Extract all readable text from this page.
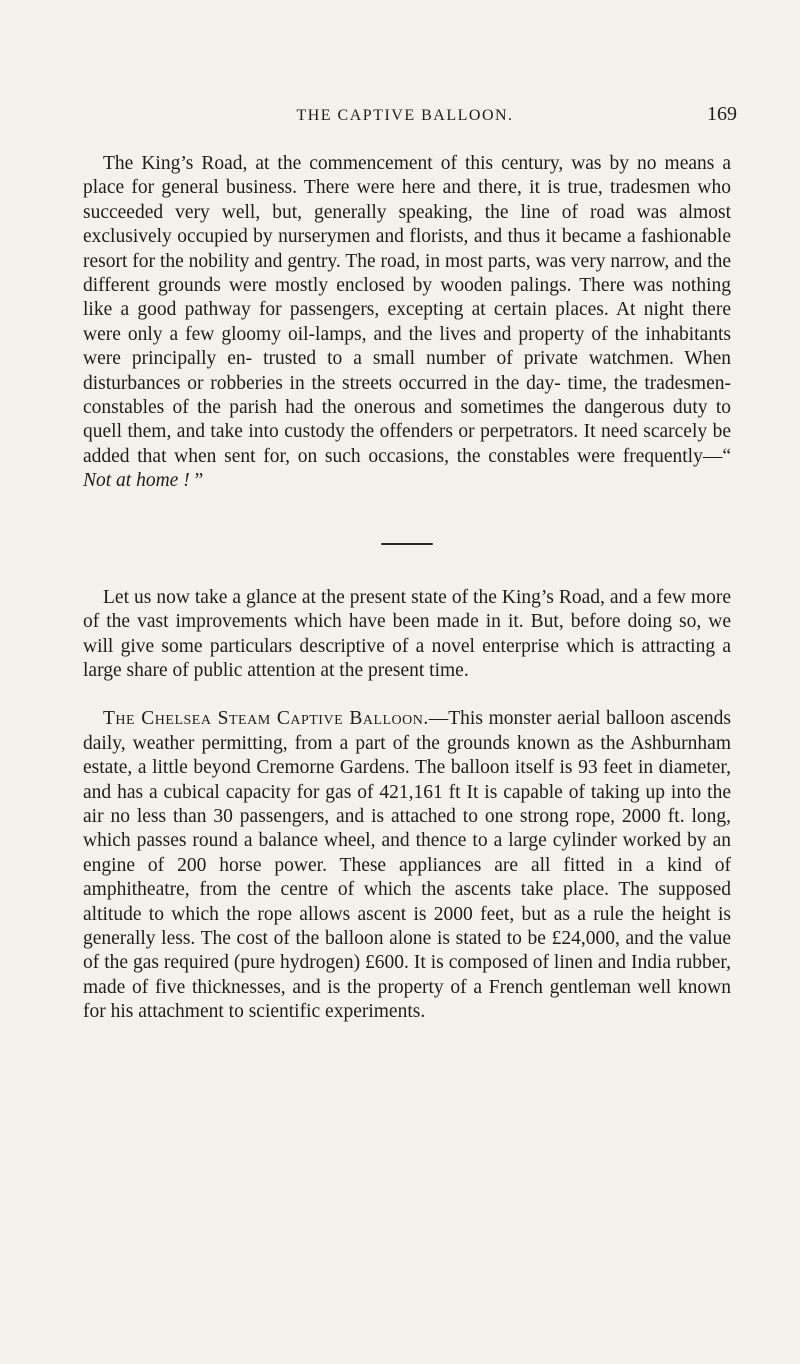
THE CAPTIVE BALLOON.	169

The King’s Road, at the commencement of this century, was by no means a place for general business. There were here and there, it is true, tradesmen who succeeded very well, but, generally speaking, the line of road was almost exclusively occupied by nurserymen and florists, and thus it became a fashionable resort for the nobility and gentry. The road, in most parts, was very narrow, and the different grounds were mostly enclosed by wooden palings. There was nothing like a good pathway for passengers, excepting at certain places. At night there were only a few gloomy oil-lamps, and the lives and property of the inhabitants were principally en- trusted to a small number of private watchmen. When disturbances or robberies in the streets occurred in the day- time, the tradesmen-constables of the parish had the onerous and sometimes the dangerous duty to quell them, and take into custody the offenders or perpetrators. It need scarcely be added that when sent for, on such occasions, the constables were frequently—“ Not at home ! ”

Let us now take a glance at the present state of the King’s Road, and a few more of the vast improvements which have been made in it. But, before doing so, we will give some particulars descriptive of a novel enterprise which is attracting a large share of public attention at the present time.

The Chelsea Steam Captive Balloon.—This monster aerial balloon ascends daily, weather permitting, from a part of the grounds known as the Ashburnham estate, a little beyond Cremorne Gardens. The balloon itself is 93 feet in diameter, and has a cubical capacity for gas of 421,161 ft It is capable of taking up into the air no less than 30 passengers, and is attached to one strong rope, 2000 ft. long, which passes round a balance wheel, and thence to a large cylinder worked by an engine of 200 horse power. These appliances are all fitted in a kind of amphitheatre, from the centre of which the ascents take place. The supposed altitude to which the rope allows ascent is 2000 feet, but as a rule the height is generally less. The cost of the balloon alone is stated to be £24,000, and the value of the gas required (pure hydrogen) £600. It is composed of linen and India rubber, made of five thicknesses, and is the property of a French gentleman well known for his attachment to scientific experiments.
